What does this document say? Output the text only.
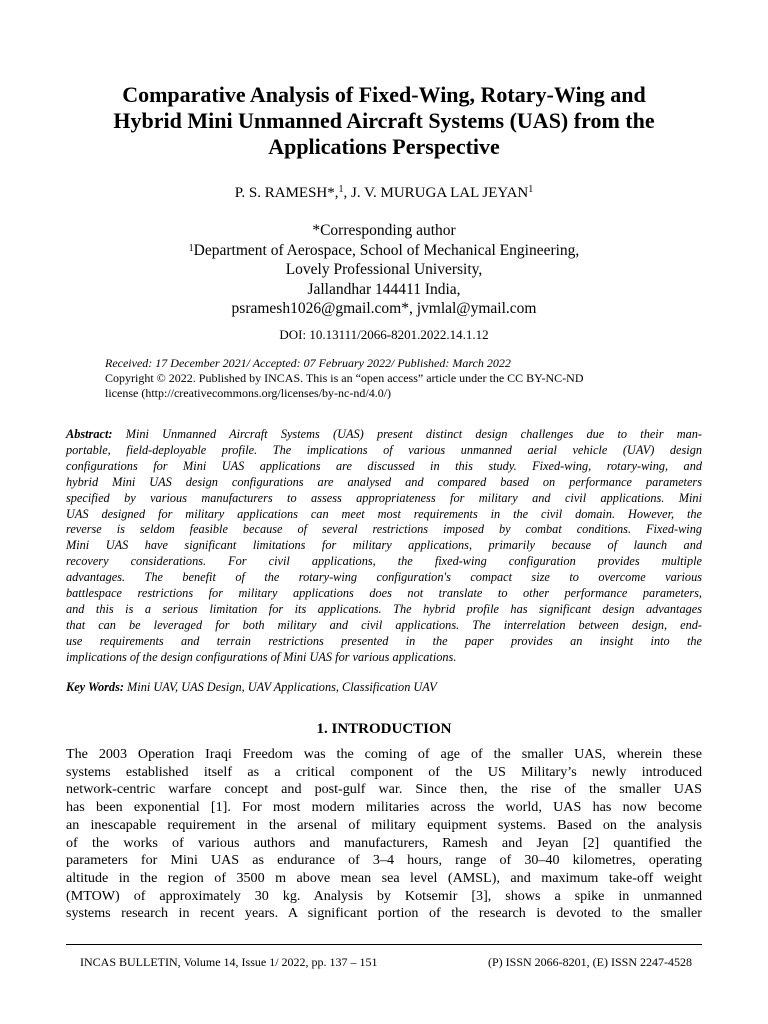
Comparative Analysis of Fixed-Wing, Rotary-Wing and
Hybrid Mini Unmanned Aircraft Systems (UAS) from the
Applications Perspective
P. S. RAMESH*,$^1$, J. V. MURUGA LAL JEYAN$^1$
*Corresponding author
$^1$Department of Aerospace, School of Mechanical Engineering,
Lovely Professional University,
Jallandhar 144411 India,
psramesh1026@gmail.com*, jvmlal@ymail.com
DOI: 10.13111/2066-8201.2022.14.1.12
Received: 17 December 2021/ Accepted: 07 February 2022/ Published: March 2022
Copyright © 2022. Published by INCAS. This is an “open access” article under the CC BY-NC-ND
license (http://creativecommons.org/licenses/by-nc-nd/4.0/)
Abstract: Mini Unmanned Aircraft Systems (UAS) present distinct design challenges due to their man-
portable, field-deployable profile. The implications of various unmanned aerial vehicle (UAV) design
configurations for Mini UAS applications are discussed in this study. Fixed-wing, rotary-wing, and
hybrid Mini UAS design configurations are analysed and compared based on performance parameters
specified by various manufacturers to assess appropriateness for military and civil applications. Mini
UAS designed for military applications can meet most requirements in the civil domain. However, the
reverse is seldom feasible because of several restrictions imposed by combat conditions. Fixed-wing
Mini UAS have significant limitations for military applications, primarily because of launch and
recovery considerations. For civil applications, the fixed-wing configuration provides multiple
advantages. The benefit of the rotary-wing configuration's compact size to overcome various
battlespace restrictions for military applications does not translate to other performance parameters,
and this is a serious limitation for its applications. The hybrid profile has significant design advantages
that can be leveraged for both military and civil applications. The interrelation between design, end-
use requirements and terrain restrictions presented in the paper provides an insight into the
implications of the design configurations of Mini UAS for various applications.
Key Words: Mini UAV, UAS Design, UAV Applications, Classification UAV
1. INTRODUCTION
The 2003 Operation Iraqi Freedom was the coming of age of the smaller UAS, wherein these
systems established itself as a critical component of the US Military’s newly introduced
network-centric warfare concept and post-gulf war. Since then, the rise of the smaller UAS
has been exponential [1]. For most modern militaries across the world, UAS has now become
an inescapable requirement in the arsenal of military equipment systems. Based on the analysis
of the works of various authors and manufacturers, Ramesh and Jeyan [2] quantified the
parameters for Mini UAS as endurance of 3–4 hours, range of 30–40 kilometres, operating
altitude in the region of 3500 m above mean sea level (AMSL), and maximum take-off weight
(MTOW) of approximately 30 kg. Analysis by Kotsemir [3], shows a spike in unmanned
systems research in recent years. A significant portion of the research is devoted to the smaller
INCAS BULLETIN, Volume 14, Issue 1/ 2022, pp. 137 – 151	(P) ISSN 2066-8201, (E) ISSN 2247-4528
